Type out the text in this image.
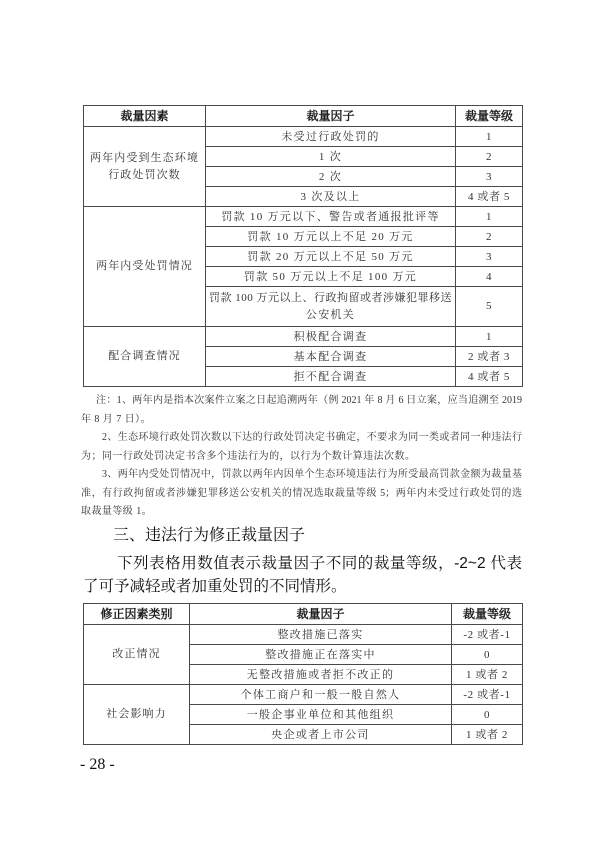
裁量因素	裁量因子	裁量等级

两年内受到生态环境
行政处罚次数	未受过行政处罚的	1
	1 次	2
	2 次	3
	3 次及以上	4 或者 5

两年内受处罚情况	罚款 10 万元以下、警告或者通报批评等	1
	罚款 10 万元以上不足 20 万元	2
	罚款 20 万元以上不足 50 万元	3
	罚款 50 万元以上不足 100 万元	4

	罚款 100 万元以上、行政拘留或者涉嫌犯罪移送
公安机关	5

配合调查情况	积极配合调查	1
	基本配合调查	2 或者 3
	拒不配合调查	4 或者 5
注：1、两年内是指本次案件立案之日起追溯两年（例 2021 年 8 月 6 日立案，应当追溯至 2019
年 8 月 7 日）。
2、生态环境行政处罚次数以下达的行政处罚决定书确定，不要求为同一类或者同一种违法行
为；同一行政处罚决定书含多个违法行为的，以行为个数计算违法次数。
3、两年内受处罚情况中，罚款以两年内因单个生态环境违法行为所受最高罚款金额为裁量基
准，有行政拘留或者涉嫌犯罪移送公安机关的情况选取裁量等级 5；两年内未受过行政处罚的选
取裁量等级 1。
三、违法行为修正裁量因子
下列表格用数值表示裁量因子不同的裁量等级，-2~2 代表
了可予减轻或者加重处罚的不同情形。
修正因素类别	裁量因子	裁量等级
改正情况	整改措施已落实	-2 或者-1
	整改措施正在落实中	0
	无整改措施或者拒不改正的	1 或者 2
社会影响力	个体工商户和一般一般自然人	-2 或者-1
	一般企事业单位和其他组织	0
	央企或者上市公司	1 或者 2
- 28 -
